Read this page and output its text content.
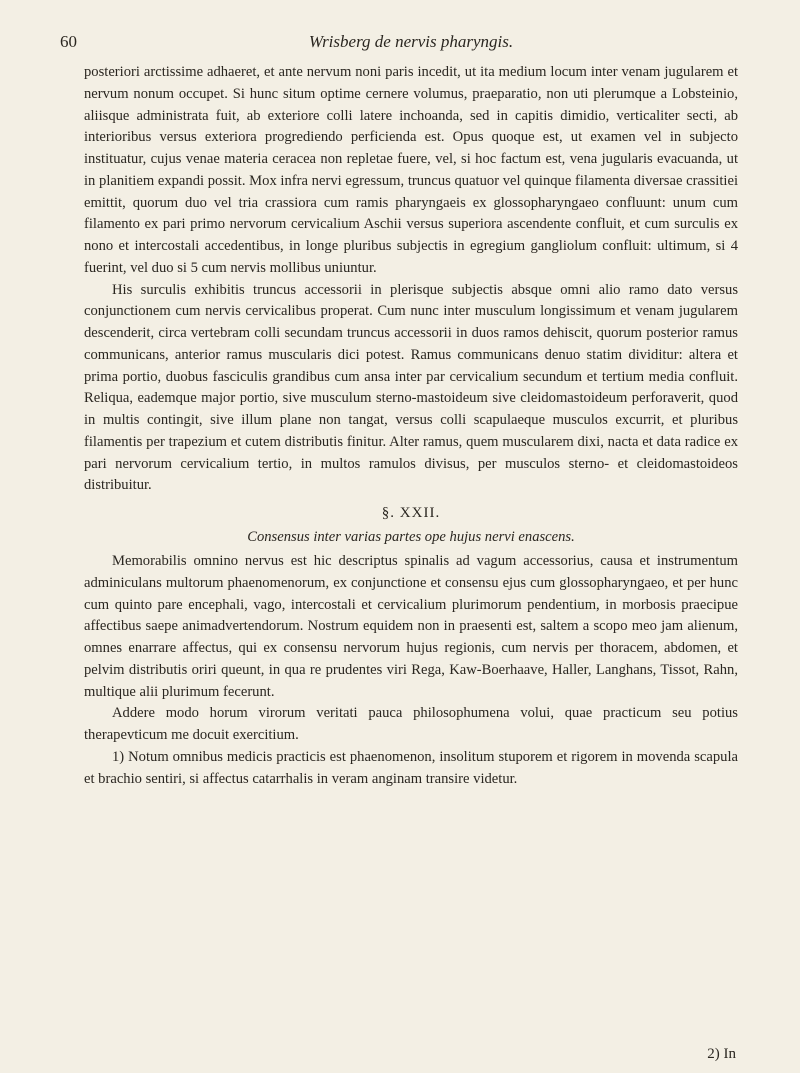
60	Wrisberg de nervis pharyngis.

posteriori arctissime adhaeret, et ante nervum noni paris incedit, ut ita medium locum inter venam jugularem et nervum nonum occupet. Si hunc situm optime cernere volumus, praeparatio, non uti plerumque a Lobsteinio, aliisque administrata fuit, ab exteriore colli latere inchoanda, sed in capitis dimidio, verticaliter secti, ab interioribus versus exteriora progrediendo perficienda est. Opus quoque est, ut examen vel in subjecto instituatur, cujus venae materia ceracea non repletae fuere, vel, si hoc factum est, vena jugularis evacuanda, ut in planitiem expandi possit. Mox infra nervi egressum, truncus quatuor vel quinque filamenta diversae crassitiei emittit, quorum duo vel tria crassiora cum ramis pharyngaeis ex glossopharyngaeo confluunt: unum cum filamento ex pari primo nervorum cervicalium Aschii versus superiora ascendente confluit, et cum surculis ex nono et intercostali accedentibus, in longe pluribus subjectis in egregium gangliolum confluit: ultimum, si 4 fuerint, vel duo si 5 cum nervis mollibus uniuntur.

His surculis exhibitis truncus accessorii in plerisque subjectis absque omni alio ramo dato versus conjunctionem cum nervis cervicalibus properat. Cum nunc inter musculum longissimum et venam jugularem descenderit, circa vertebram colli secundam truncus accessorii in duos ramos dehiscit, quorum posterior ramus communicans, anterior ramus muscularis dici potest. Ramus communicans denuo statim dividitur: altera et prima portio, duobus fasciculis grandibus cum ansa inter par cervicalium secundum et tertium media confluit. Reliqua, eademque major portio, sive musculum sterno-mastoideum sive cleidomastoideum perforaverit, quod in multis contingit, sive illum plane non tangat, versus colli scapulaeque musculos excurrit, et pluribus filamentis per trapezium et cutem distributis finitur. Alter ramus, quem muscularem dixi, nacta et data radice ex pari nervorum cervicalium tertio, in multos ramulos divisus, per musculos sterno- et cleidomastoideos distribuitur.

§. XXII.
Consensus inter varias partes ope hujus nervi enascens.

Memorabilis omnino nervus est hic descriptus spinalis ad vagum accessorius, causa et instrumentum adminiculans multorum phaenomenorum, ex conjunctione et consensu ejus cum glossopharyngaeo, et per hunc cum quinto pare encephali, vago, intercostali et cervicalium plurimorum pendentium, in morbosis praecipue affectibus saepe animadvertendorum. Nostrum equidem non in praesenti est, saltem a scopo meo jam alienum, omnes enarrare affectus, qui ex consensu nervorum hujus regionis, cum nervis per thoracem, abdomen, et pelvim distributis oriri queunt, in qua re prudentes viri Rega, Kaw-Boerhaave, Haller, Langhans, Tissot, Rahn, multique alii plurimum fecerunt.

Addere modo horum virorum veritati pauca philosophumena volui, quae practicum seu potius therapevticum me docuit exercitium.

1) Notum omnibus medicis practicis est phaenomenon, insolitum stuporem et rigorem in movenda scapula et brachio sentiri, si affectus catarrhalis in veram anginam transire videtur.

2) In
